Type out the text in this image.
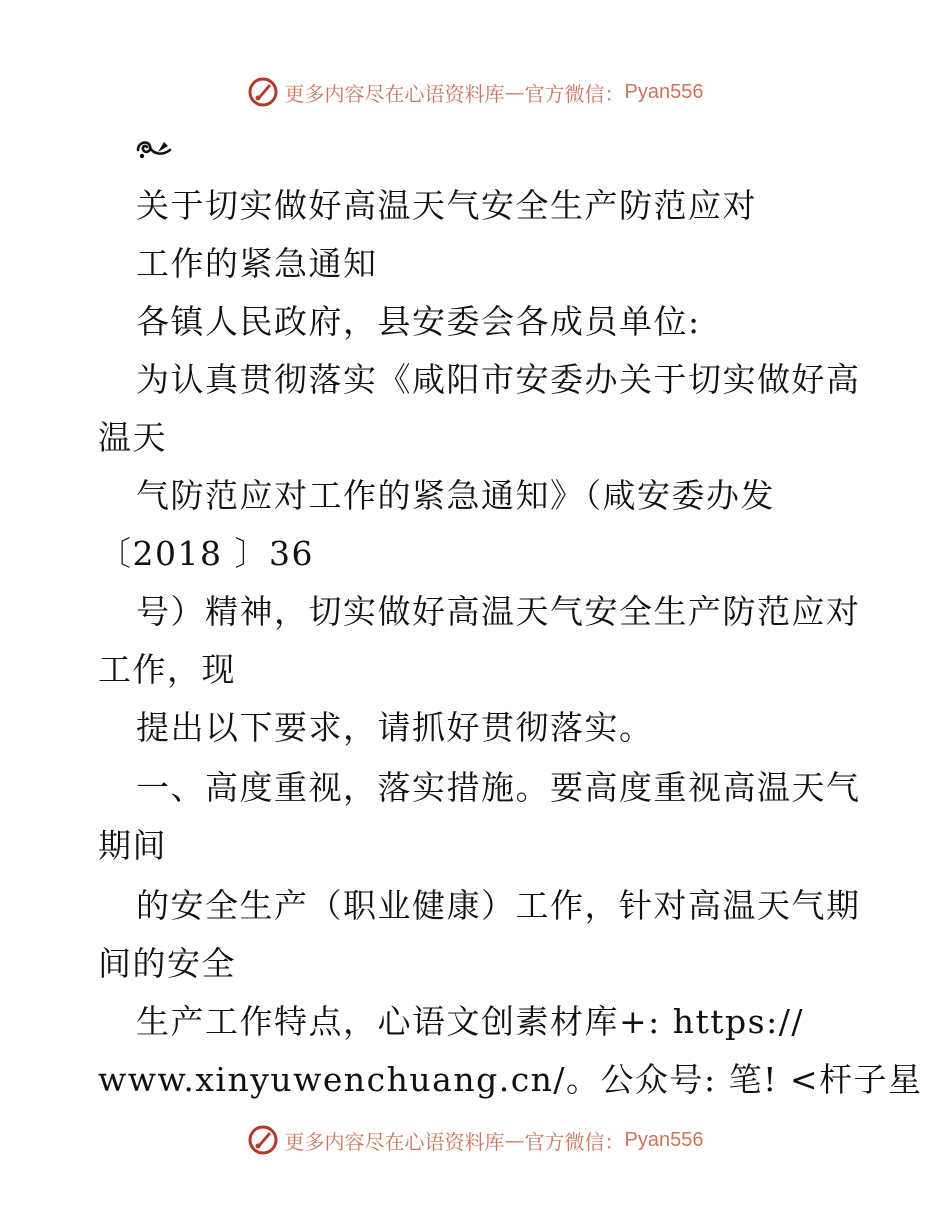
更多内容尽在心语资料库 — 官方微信： Pyan556
关于切实做好高温天气安全生产防范应对
工作的紧急通知
各镇人民政府，县安委会各成员单位:
为认真贯彻落实《咸阳市安委办关于切实做好高
温天
气防范应对工作的紧急通知》（咸安委办发
〔2018 〕36
号）精神，切实做好高温天气安全生产防范应对
工作，现
提出以下要求，请抓好贯彻落实。
一、高度重视，落实措施。要高度重视高温天气
期间
的安全生产（职业健康）工作，针对高温天气期
间的安全
生产工作特点，心语文创素材库+: https://
www.xinyuwenchuang.cn/。公众号: 笔! <杆子星
更多内容尽在心语资料库 — 官方微信： Pyan556
